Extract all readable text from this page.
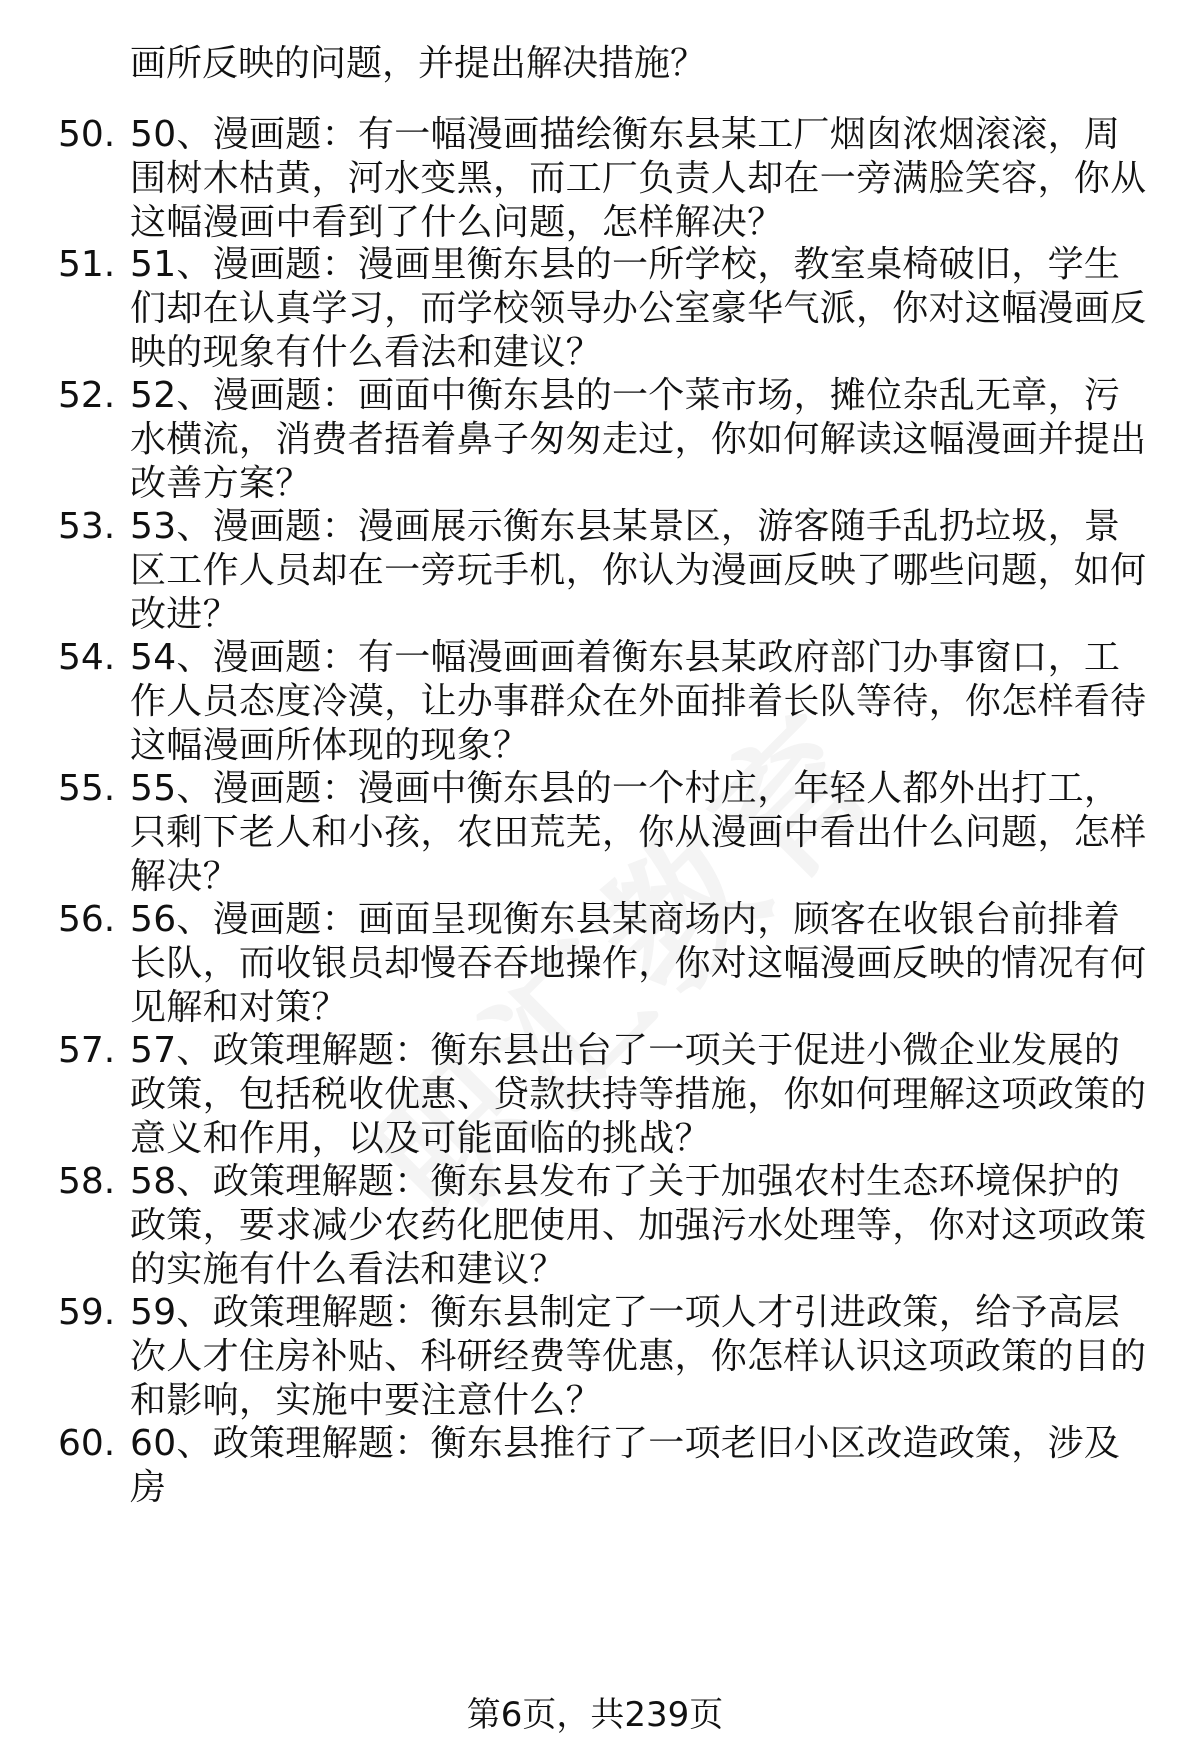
画所反映的问题，并提出解决措施？
50. 50、漫画题：有一幅漫画描绘衡东县某工厂烟囱浓烟滚滚，周围树木枯黄，河水变黑，而工厂负责人却在一旁满脸笑容，你从这幅漫画中看到了什么问题，怎样解决？
51. 51、漫画题：漫画里衡东县的一所学校，教室桌椅破旧，学生们却在认真学习，而学校领导办公室豪华气派，你对这幅漫画反映的现象有什么看法和建议？
52. 52、漫画题：画面中衡东县的一个菜市场，摊位杂乱无章，污水横流，消费者捂着鼻子匆匆走过，你如何解读这幅漫画并提出改善方案？
53. 53、漫画题：漫画展示衡东县某景区，游客随手乱扔垃圾，景区工作人员却在一旁玩手机，你认为漫画反映了哪些问题，如何改进？
54. 54、漫画题：有一幅漫画画着衡东县某政府部门办事窗口，工作人员态度冷漠，让办事群众在外面排着长队等待，你怎样看待这幅漫画所体现的现象？
55. 55、漫画题：漫画中衡东县的一个村庄，年轻人都外出打工，只剩下老人和小孩，农田荒芜，你从漫画中看出什么问题，怎样解决？
56. 56、漫画题：画面呈现衡东县某商场内，顾客在收银台前排着长队，而收银员却慢吞吞地操作，你对这幅漫画反映的情况有何见解和对策？
57. 57、政策理解题：衡东县出台了一项关于促进小微企业发展的政策，包括税收优惠、贷款扶持等措施，你如何理解这项政策的意义和作用，以及可能面临的挑战？
58. 58、政策理解题：衡东县发布了关于加强农村生态环境保护的政策，要求减少农药化肥使用、加强污水处理等，你对这项政策的实施有什么看法和建议？
59. 59、政策理解题：衡东县制定了一项人才引进政策，给予高层次人才住房补贴、科研经费等优惠，你怎样认识这项政策的目的和影响，实施中要注意什么？
60. 60、政策理解题：衡东县推行了一项老旧小区改造政策，涉及房
第6页，共239页
